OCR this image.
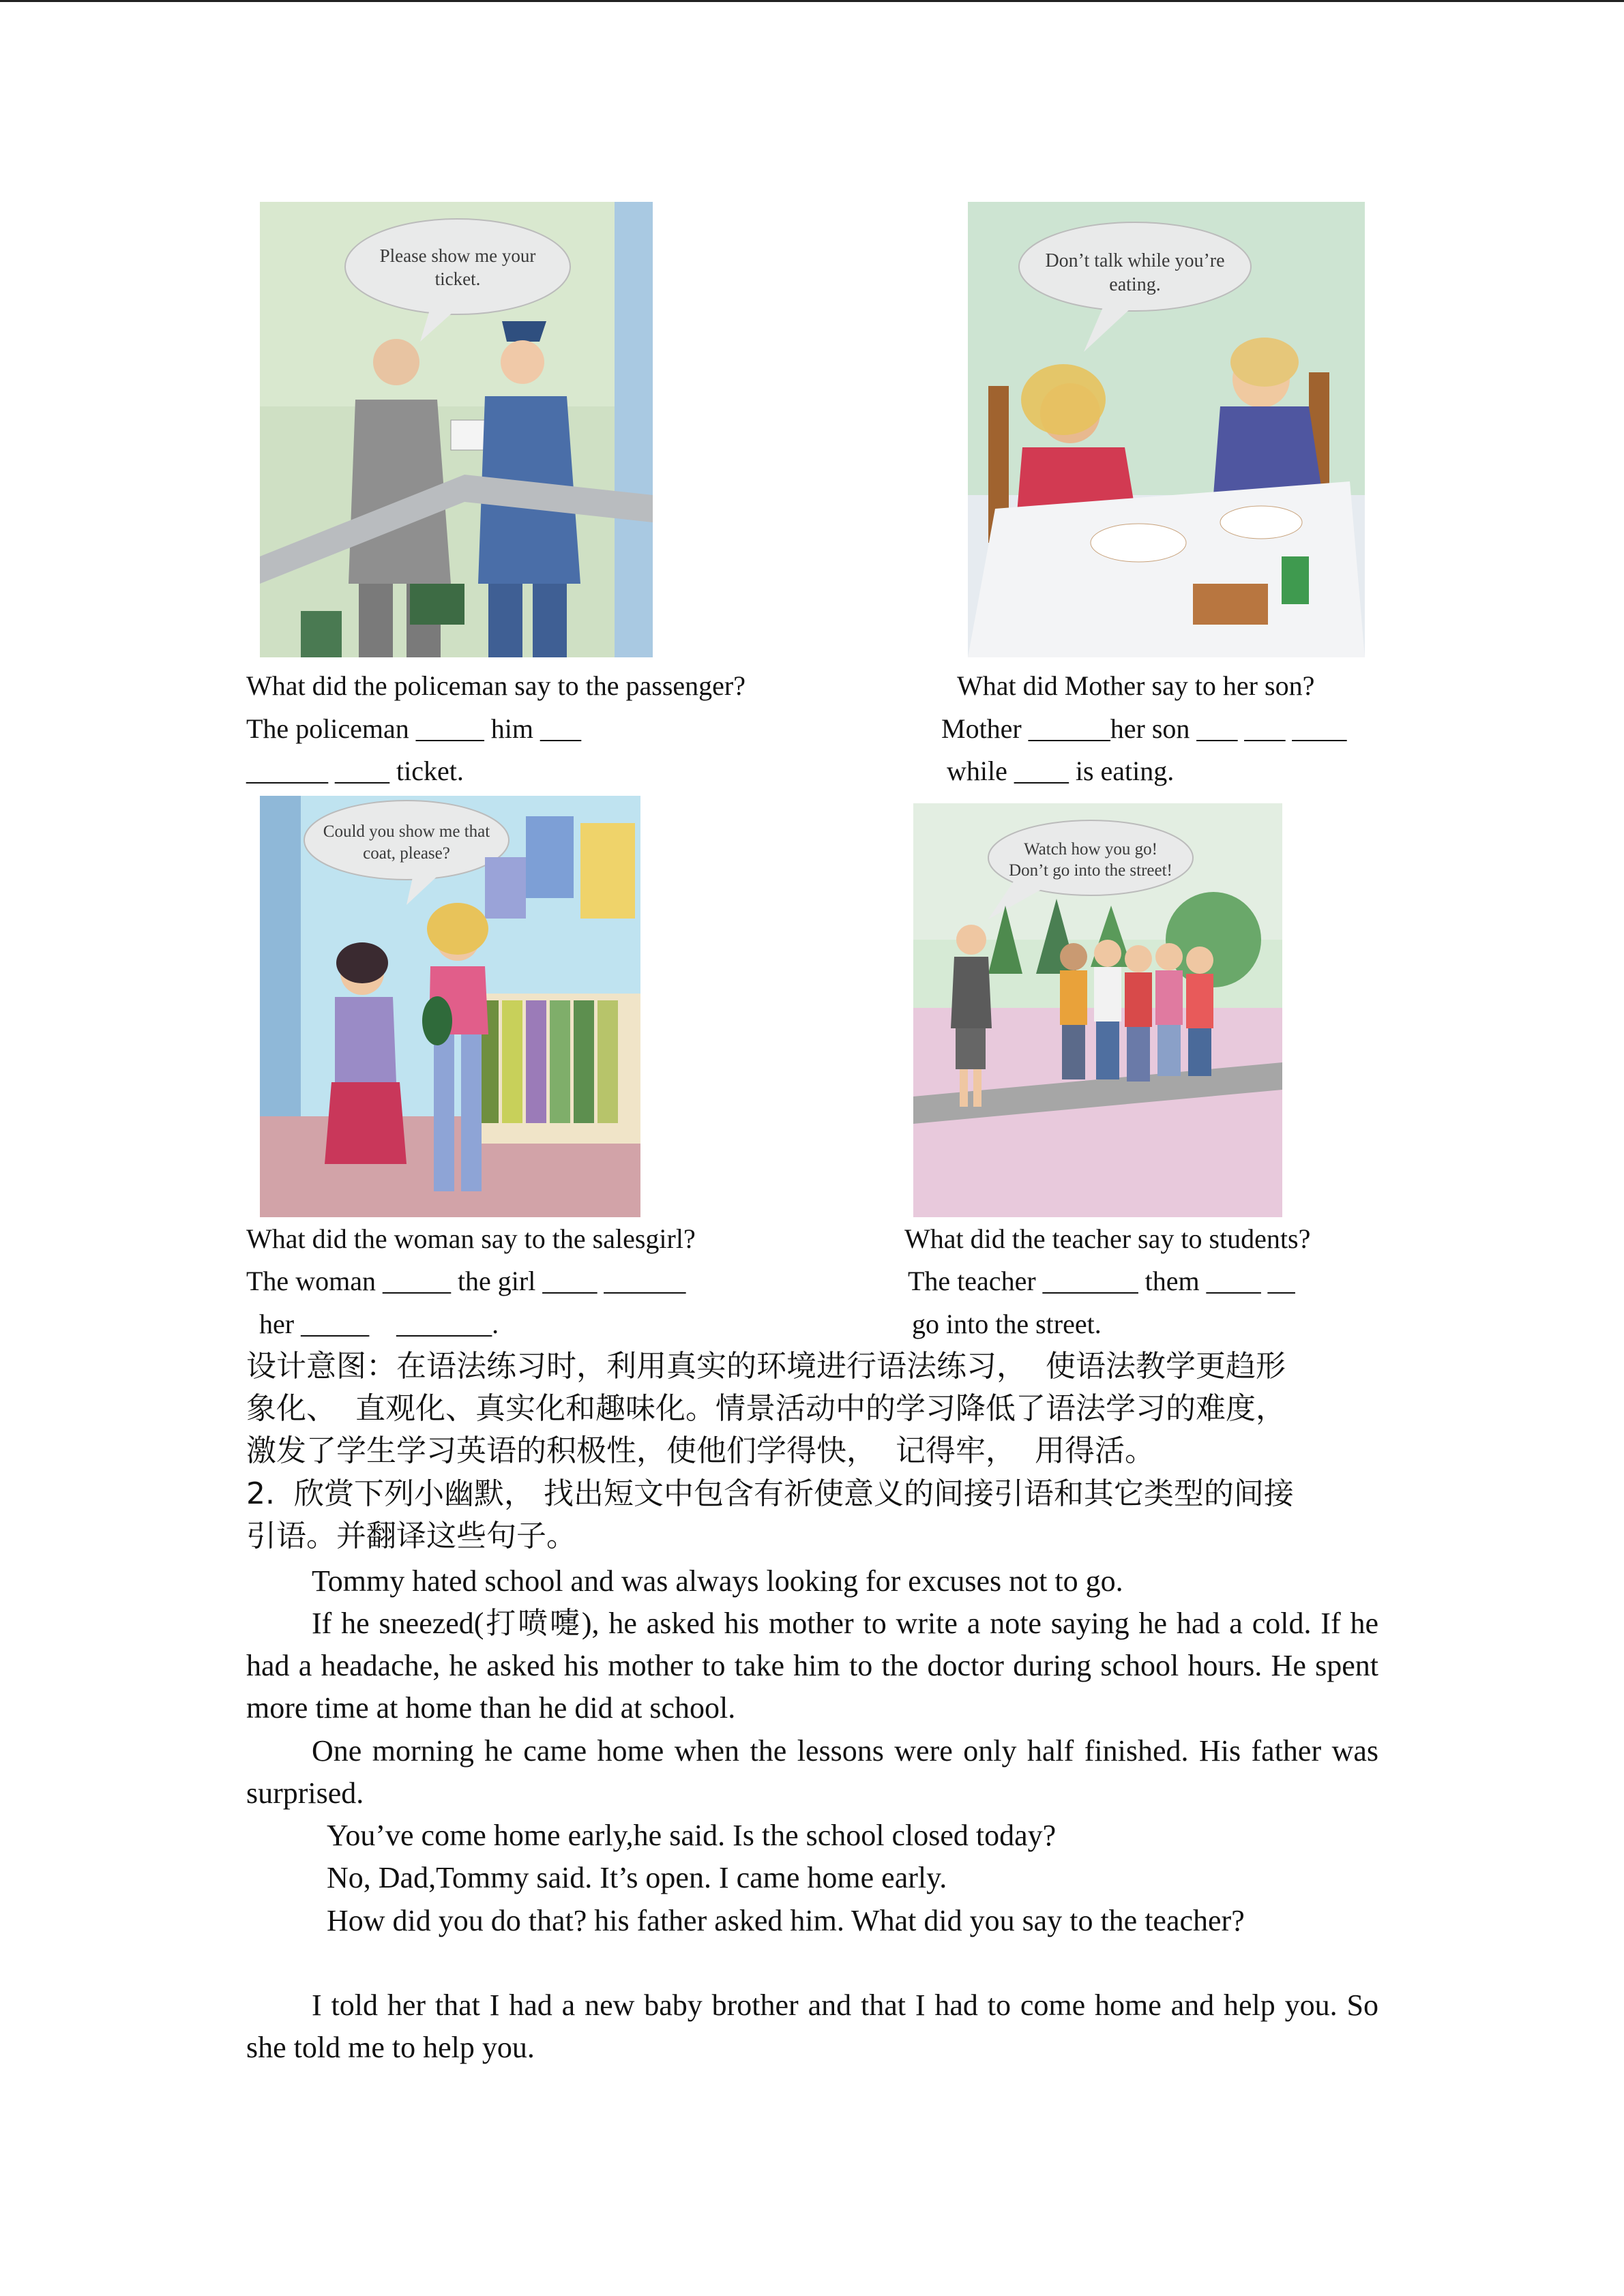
Please show me your
ticket.
Don’t talk while you’re
eating.
What did the policeman say to the passenger?
The policeman _____ him ___
______ ____ ticket.
What did Mother say to her son?
Mother ______her son ___ ___ ____
while ____ is eating.
Could you show me that
coat, please?	Watch how you go!
Don’t go into the street!
What did the woman say to the salesgirl?
The woman _____ the girl ____ ______
her _____    _______.
What did the teacher say to students?
The teacher _______ them ____ __
go into the street.
设计意图：在语法练习时，利用真实的环境进行语法练习，  使语法教学更趋形
象化、  直观化、真实化和趣味化。情景活动中的学习降低了语法学习的难度，
激发了学生学习英语的积极性，使他们学得快，  记得牢，  用得活。
2.  欣赏下列小幽默， 找出短文中包含有祈使意义的间接引语和其它类型的间接
引语。并翻译这些句子。
Tommy hated school and was always looking for excuses not to go.
If he sneezed(打喷嚏), he asked his mother to write a note saying he had a cold. If he had a headache, he asked his mother to take him to the doctor during school hours. He spent more time at home than he did at school.
One morning he came home when the lessons were only half finished. His father was surprised.
You’ve come home early,he said. Is the school closed today?
No, Dad,Tommy said. It’s open. I came home early.
How did you do that? his father asked him. What did you say to the teacher?
I told her that I had a new baby brother and that I had to come home and help you. So she told me to help you.
